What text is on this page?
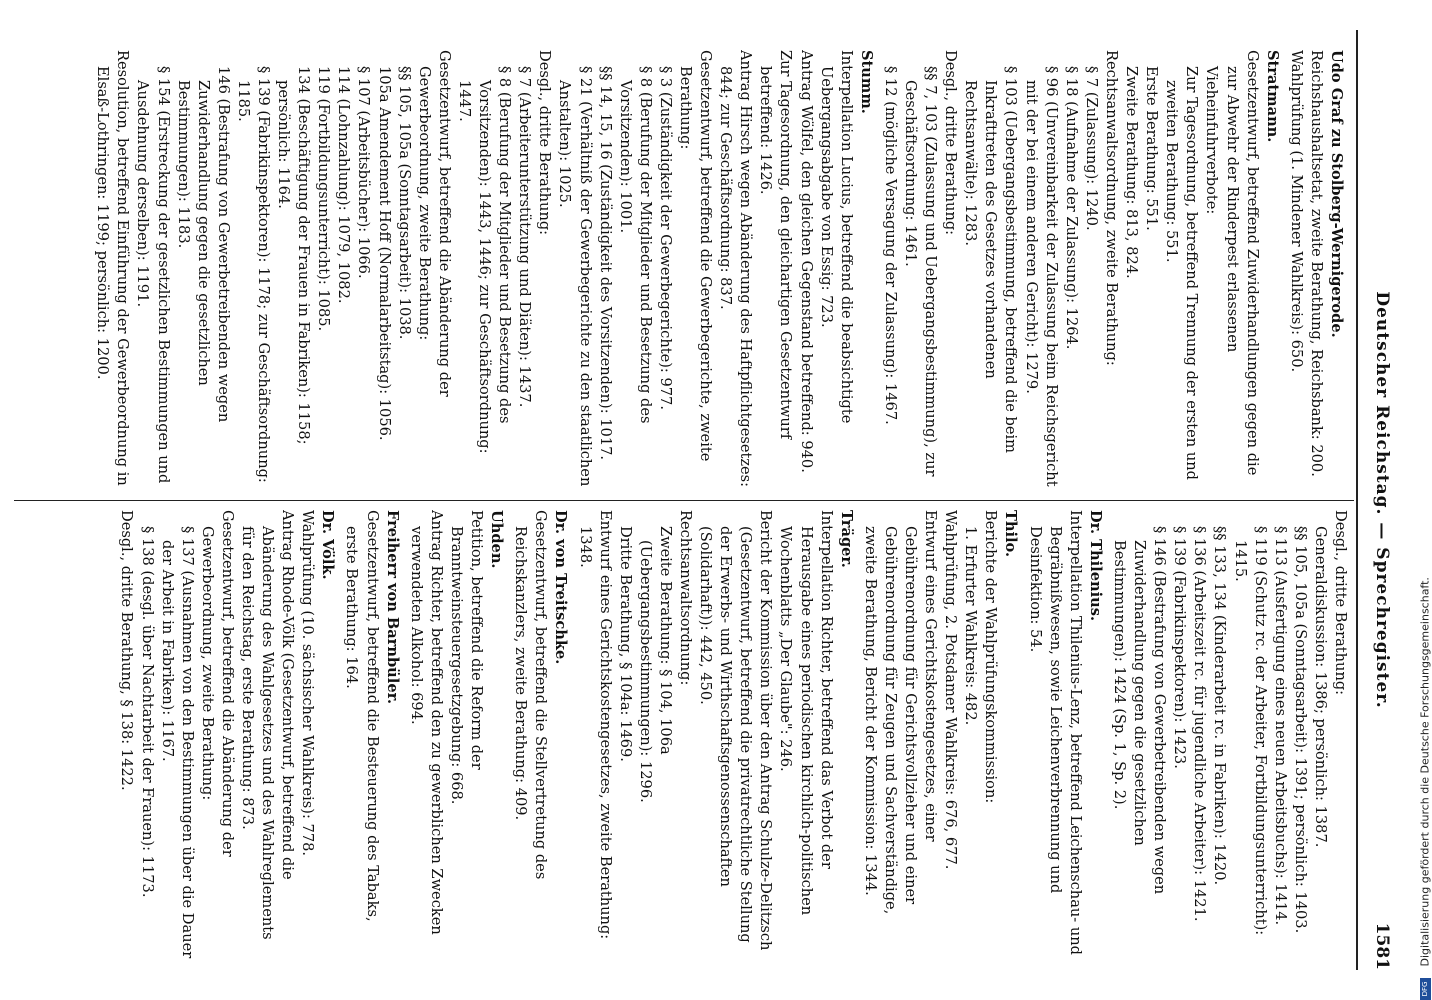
Deutscher Reichstag. — Sprechregister.
1581

Udo Graf zu Stolberg-Wernigerode.

Reichshaushaltsetat, zweite Berathung, Reichsbank: 200.

Wahlprüfung (1. Mindener Wahlkreis): 650.

Stratmann.

Gesetzentwurf, betreffend Zuwiderhandlungen gegen die zur Abwehr der Rinderpest erlassenen Vieheinfuhrverbote:

Zur Tagesordnung, betreffend Trennung der ersten und zweiten Berathung: 551.

Erste Berathung: 551.

Zweite Berathung: 813, 824.

Rechtsanwaltsordnung, zweite Berathung:

§ 7 (Zulassung): 1240.

§ 18 (Aufnahme der Zulassung): 1264.

§ 96 (Unvereinbarkeit der Zulassung beim Reichsgericht mit der bei einem anderen Gericht): 1279.

§ 103 (Uebergangsbestimmung, betreffend die beim Inkrafttreten des Gesetzes vorhandenen Rechtsanwälte): 1283.

Desgl., dritte Berathung:

§§ 7, 103 (Zulassung und Uebergangsbestimmung), zur Geschäftsordnung: 1461.

§ 12 (mögliche Versagung der Zulassung): 1467.

Stumm.

Interpellation Lucius, betreffend die beabsichtigte Uebergangsabgabe von Essig: 723.

Antrag Wölfel, den gleichen Gegenstand betreffend: 940.

Zur Tagesordnung, den gleichartigen Gesetzentwurf betreffend: 1426.

Antrag Hirsch wegen Abänderung des Haftpflichtgesetzes: 844; zur Geschäftsordnung: 837.

Gesetzentwurf, betreffend die Gewerbegerichte, zweite Berathung:

§ 3 (Zuständigkeit der Gewerbegerichte): 977.

§ 8 (Berufung der Mitglieder und Besetzung des Vorsitzenden): 1001.

§§ 14, 15, 16 (Zuständigkeit des Vorsitzenden): 1017.

§ 21 (Verhältniß der Gewerbegerichte zu den staatlichen Anstalten): 1025.

Desgl., dritte Berathung:

§ 7 (Arbeiterunterstützung und Diäten): 1437.

§ 8 (Berufung der Mitglieder und Besetzung des Vorsitzenden): 1443, 1446; zur Geschäftsordnung: 1447.

Gesetzentwurf, betreffend die Abänderung der Gewerbeordnung, zweite Berathung:

§§ 105, 105a (Sonntagsarbeit): 1038.

105a Amendement Hoff (Normalarbeitstag): 1056.

§ 107 (Arbeitsbücher): 1066.

114 (Lohnzahlung): 1079, 1082.

119 (Fortbildungsunterricht): 1085.

134 (Beschäftigung der Frauen in Fabriken): 1158; persönlich: 1164.

§ 139 (Fabrikinspektoren): 1178; zur Geschäftsordnung: 1185.

146 (Bestrafung von Gewerbetreibenden wegen Zuwiderhandlung gegen die gesetzlichen Bestimmungen): 1183.

§ 154 (Erstreckung der gesetzlichen Bestimmungen und Ausdehnung derselben): 1191.

Resolution, betreffend Einführung der Gewerbeordnung in Elsaß-Lothringen: 1199; persönlich: 1200.

Desgl., dritte Berathung:

Generaldiskussion: 1386; persönlich: 1387.

§§ 105, 105a (Sonntagsarbeit): 1391; persönlich: 1403.

§ 113 (Ausfertigung eines neuen Arbeitsbuchs): 1414.

§ 119 (Schutz rc. der Arbeiter, Fortbildungsunterricht): 1415.

§§ 133, 134 (Kinderarbeit rc. in Fabriken): 1420.

§ 136 (Arbeitszeit rc. für jugendliche Arbeiter): 1421.

§ 139 (Fabrikinspektoren): 1423.

§ 146 (Bestrafung von Gewerbetreibenden wegen Zuwiderhandlung gegen die gesetzlichen Bestimmungen): 1424 (Sp. 1, Sp. 2).

Dr. Thilenius.

Interpellation Thilenius-Lenz, betreffend Leichenschau- und Begräbnißwesen, sowie Leichenverbrennung und Desinfektion: 54.

Thilo.

Berichte der Wahlprüfungskommission:

1. Erfurter Wahlkreis: 482.

Wahlprüfung, 2. Potsdamer Wahlkreis: 676, 677.

Entwurf eines Gerichtskostengesetzes, einer Gebührenordnung für Gerichtsvollzieher und einer Gebührenordnung für Zeugen und Sachverständige, zweite Berathung, Bericht der Kommission: 1344.

Träger.

Interpellation Richter, betreffend das Verbot der Herausgabe eines periodischen kirchlich-politischen Wochenblatts „Der Glaube": 246.

Bericht der Kommission über den Antrag Schulze-Delitzsch (Gesetzentwurf, betreffend die privatrechtliche Stellung der Erwerbs- und Wirthschaftsgenossenschaften (Solidarhaft)): 442, 450.

Rechtsanwaltsordnung:

Zweite Berathung: § 104, 106a (Uebergangsbestimmungen): 1296.

Dritte Berathung, § 104a: 1469.

Entwurf eines Gerichtskostengesetzes, zweite Berathung: 1348.

Dr. von Treitschke.

Gesetzentwurf, betreffend die Stellvertretung des Reichskanzlers, zweite Berathung: 409.

Uhden.

Petition, betreffend die Reform der Branntweinsteuergesetzgebung: 668.

Antrag Richter, betreffend den zu gewerblichen Zwecken verwendeten Alkohol: 694.

Freiherr von Barnbüler.

Gesetzentwurf, betreffend die Besteuerung des Tabaks, erste Berathung: 164.

Dr. Völk.

Wahlprüfung (10. sächsischer Wahlkreis): 778.

Antrag Rhode-Völk (Gesetzentwurf, betreffend die Abänderung des Wahlgesetzes und des Wahlreglements für den Reichstag, erste Berathung: 873.

Gesetzentwurf, betreffend die Abänderung der Gewerbeordnung, zweite Berathung:

§ 137 (Ausnahmen von den Bestimmungen über die Dauer der Arbeit in Fabriken): 1167.

§ 138 (desgl. über Nachtarbeit der Frauen): 1173.

Desgl., dritte Berathung, § 138: 1422.

DFG Digitalisierung gefördert durch die Deutsche Forschungsgemeinschaft.
